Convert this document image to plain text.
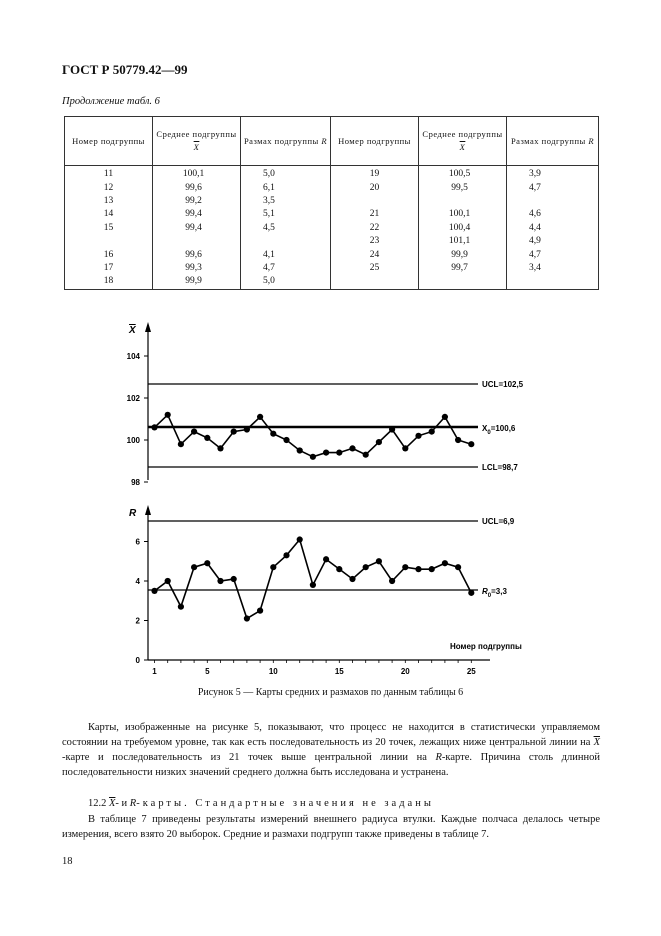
ГОСТ Р 50779.42—99
Продолжение табл. 6
Номер подгруппы	Среднее подгруппы $\overline{X}$	Размах подгруппы R	Номер подгруппы	Среднее подгруппы $\overline{X}$	Размах подгруппы R
11	100,1	5,0	19	100,5	3,9
12	99,6	6,1	20	99,5	4,7
13	99,2	3,5			
14	99,4	5,1	21	100,1	4,6
15	99,4	4,5	22	100,4	4,4
			23	101,1	4,9
16	99,6	4,1	24	99,9	4,7
17	99,3	4,7	25	99,7	3,4
18	99,9	5,0			
X
104
102
100
98
UCL=102,5
$X_0=100,6$
LCL=98,7
R
6
4
2
0
1	5	10	15	20	25
UCL=6,9
$R_0=3,3$
Номер подгруппы
Рисунок 5 — Карты средних и размахов по данным таблицы 6
Карты, изображенные на рисунке 5, показывают, что процесс не находится в статистически управляемом состоянии на требуемом уровне, так как есть последовательность из 20 точек, лежащих ниже центральной линии на $\overline{X}$ -карте и последовательность из 21 точек выше центральной линии на R-карте. Причина столь длинной последовательности низких значений среднего должна быть исследована и устранена.
12.2 $\overline{X}-$ и R-карты. Стандартные значения не заданы
В таблице 7 приведены результаты измерений внешнего радиуса втулки. Каждые полчаса делалось четыре измерения, всего взято 20 выборок. Средние и размахи подгрупп также приведены в таблице 7.
18
